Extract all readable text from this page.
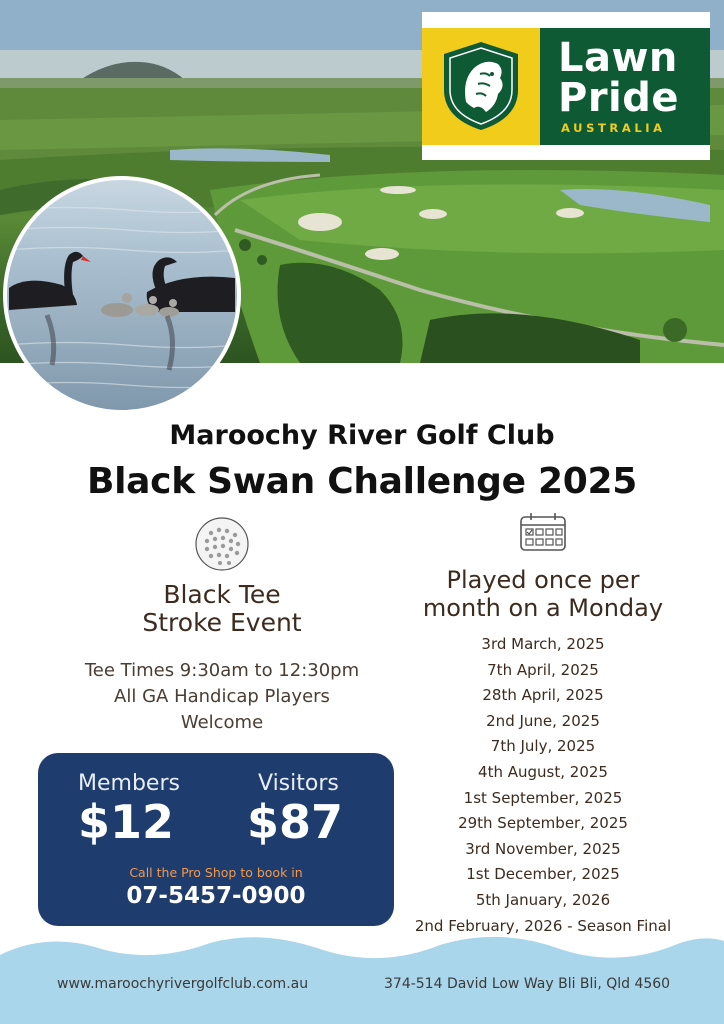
Lawn
Pride
AUSTRALIA
Maroochy River Golf Club
Black Swan Challenge 2025
Black Tee
Stroke Event
Tee Times 9:30am to 12:30pm
All GA Handicap Players
Welcome
Members	Visitors
$12 $87
Call the Pro Shop to book in
07-5457-0900
Played once per
month on a Monday
3rd March, 2025
7th April, 2025
28th April, 2025
2nd June, 2025
7th July, 2025
4th August, 2025
1st September, 2025
29th September, 2025
3rd November, 2025
1st December, 2025
5th January, 2026
2nd February, 2026 - Season Final
www.maroochyrivergolfclub.com.au	374-514 David Low Way Bli Bli, Qld 4560
